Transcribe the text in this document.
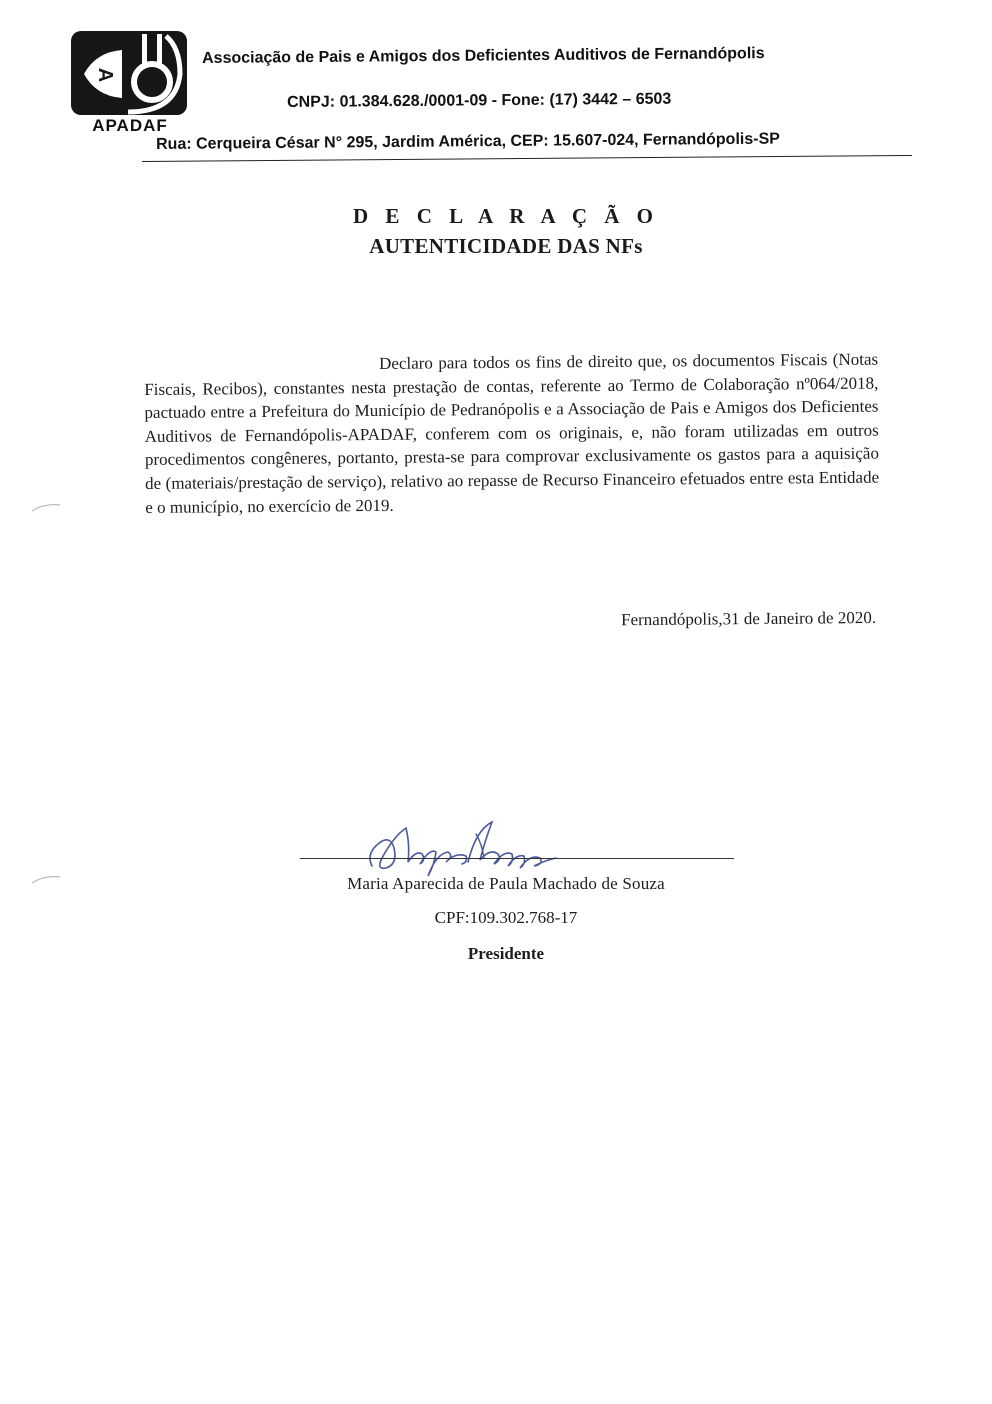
A
APADAF
Associação de Pais e Amigos dos Deficientes Auditivos de Fernandópolis
CNPJ: 01.384.628./0001-09 - Fone: (17) 3442 – 6503
Rua: Cerqueira César N° 295, Jardim América, CEP: 15.607-024, Fernandópolis-SP
D E C L A R A Ç Ã O
AUTENTICIDADE DAS NFs
Declaro para todos os fins de direito que, os documentos Fiscais (Notas Fiscais, Recibos), constantes nesta prestação de contas, referente ao Termo de Colaboração nº064/2018, pactuado entre a Prefeitura do Município de Pedranópolis e a Associação de Pais e Amigos dos Deficientes Auditivos de Fernandópolis-APADAF, conferem com os originais, e, não foram utilizadas em outros procedimentos congêneres, portanto, presta-se para comprovar exclusivamente os gastos para a aquisição de (materiais/prestação de serviço), relativo ao repasse de Recurso Financeiro efetuados entre esta Entidade e o município, no exercício de 2019.
Fernandópolis,31 de Janeiro de 2020.
Maria Aparecida de Paula Machado de Souza
CPF:109.302.768-17
Presidente
